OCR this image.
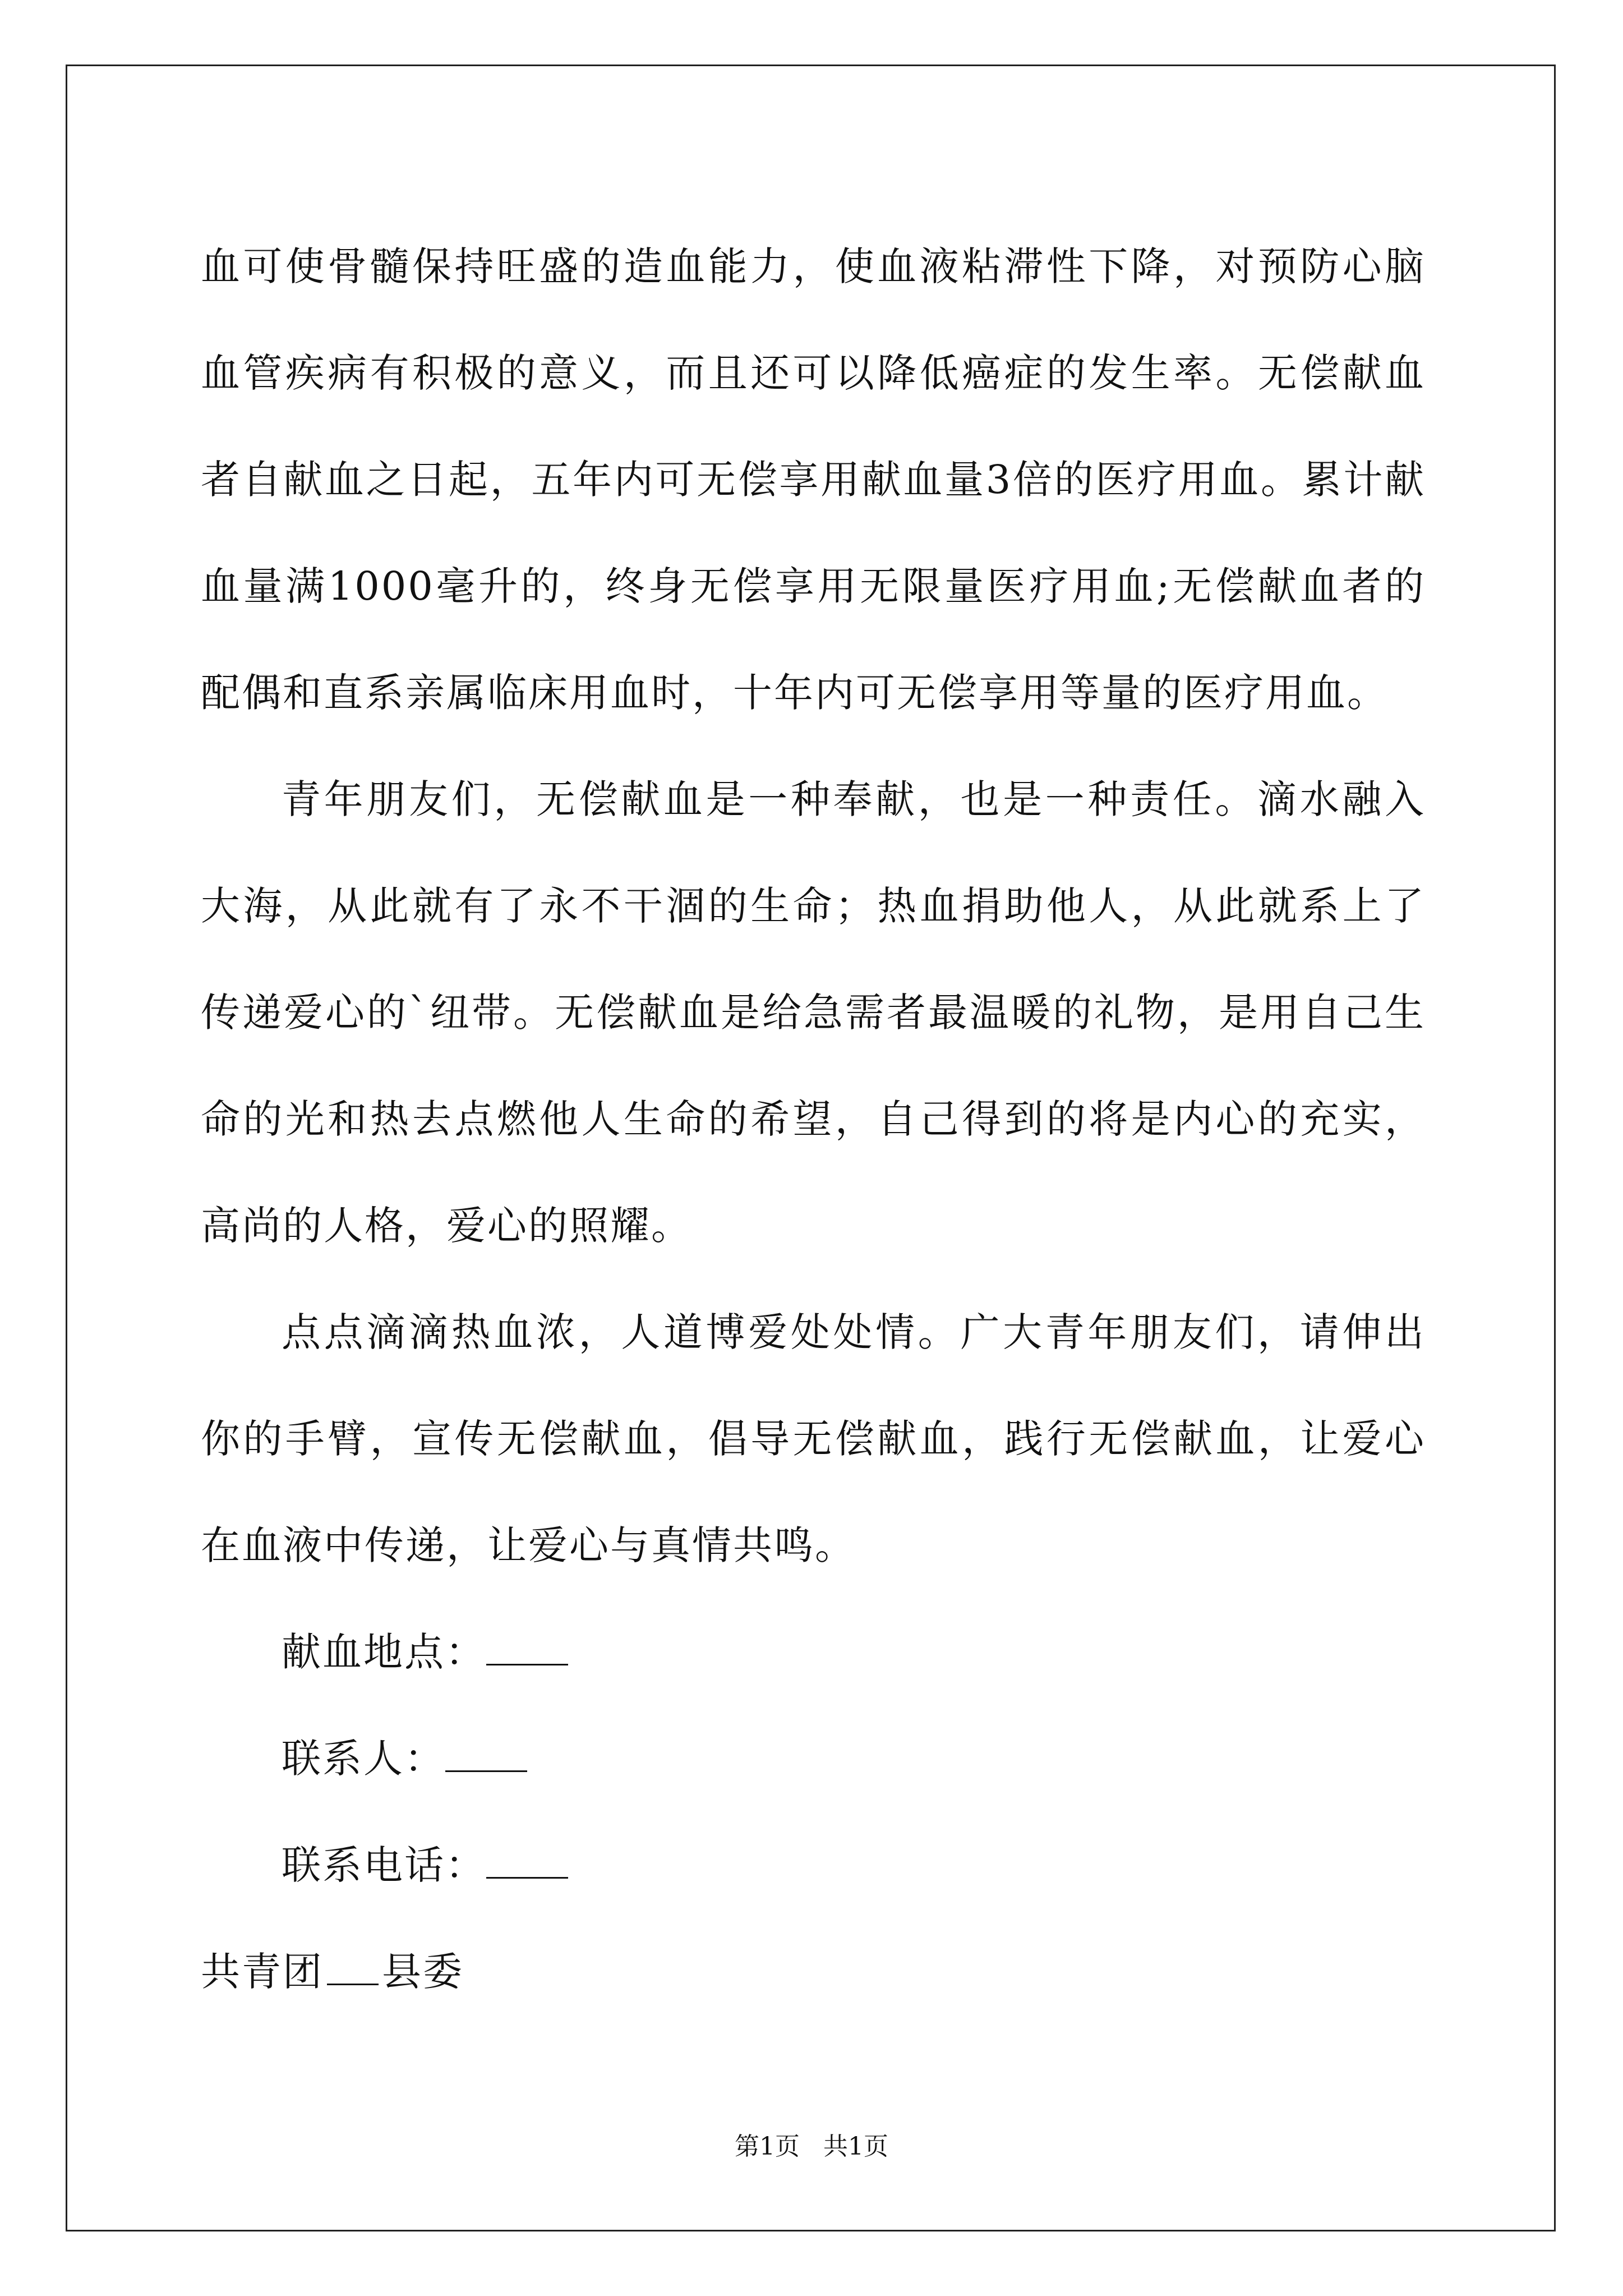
血可使骨髓保持旺盛的造血能力，使血液粘滞性下降，对预防心脑血管疾病有积极的意义，而且还可以降低癌症的发生率。无偿献血者自献血之日起，五年内可无偿享用献血量3倍的医疗用血。累计献血量满1000毫升的，终身无偿享用无限量医疗用血;无偿献血者的配偶和直系亲属临床用血时，十年内可无偿享用等量的医疗用血。

青年朋友们，无偿献血是一种奉献，也是一种责任。滴水融入大海，从此就有了永不干涸的生命；热血捐助他人，从此就系上了传递爱心的`纽带。无偿献血是给急需者最温暖的礼物，是用自己生命的光和热去点燃他人生命的希望，自己得到的将是内心的充实，高尚的人格，爱心的照耀。

点点滴滴热血浓，人道博爱处处情。广大青年朋友们，请伸出你的手臂，宣传无偿献血，倡导无偿献血，践行无偿献血，让爱心在血液中传递，让爱心与真情共鸣。

献血地点：

联系人：

联系电话：

共青团 县委

第1页   共1页
